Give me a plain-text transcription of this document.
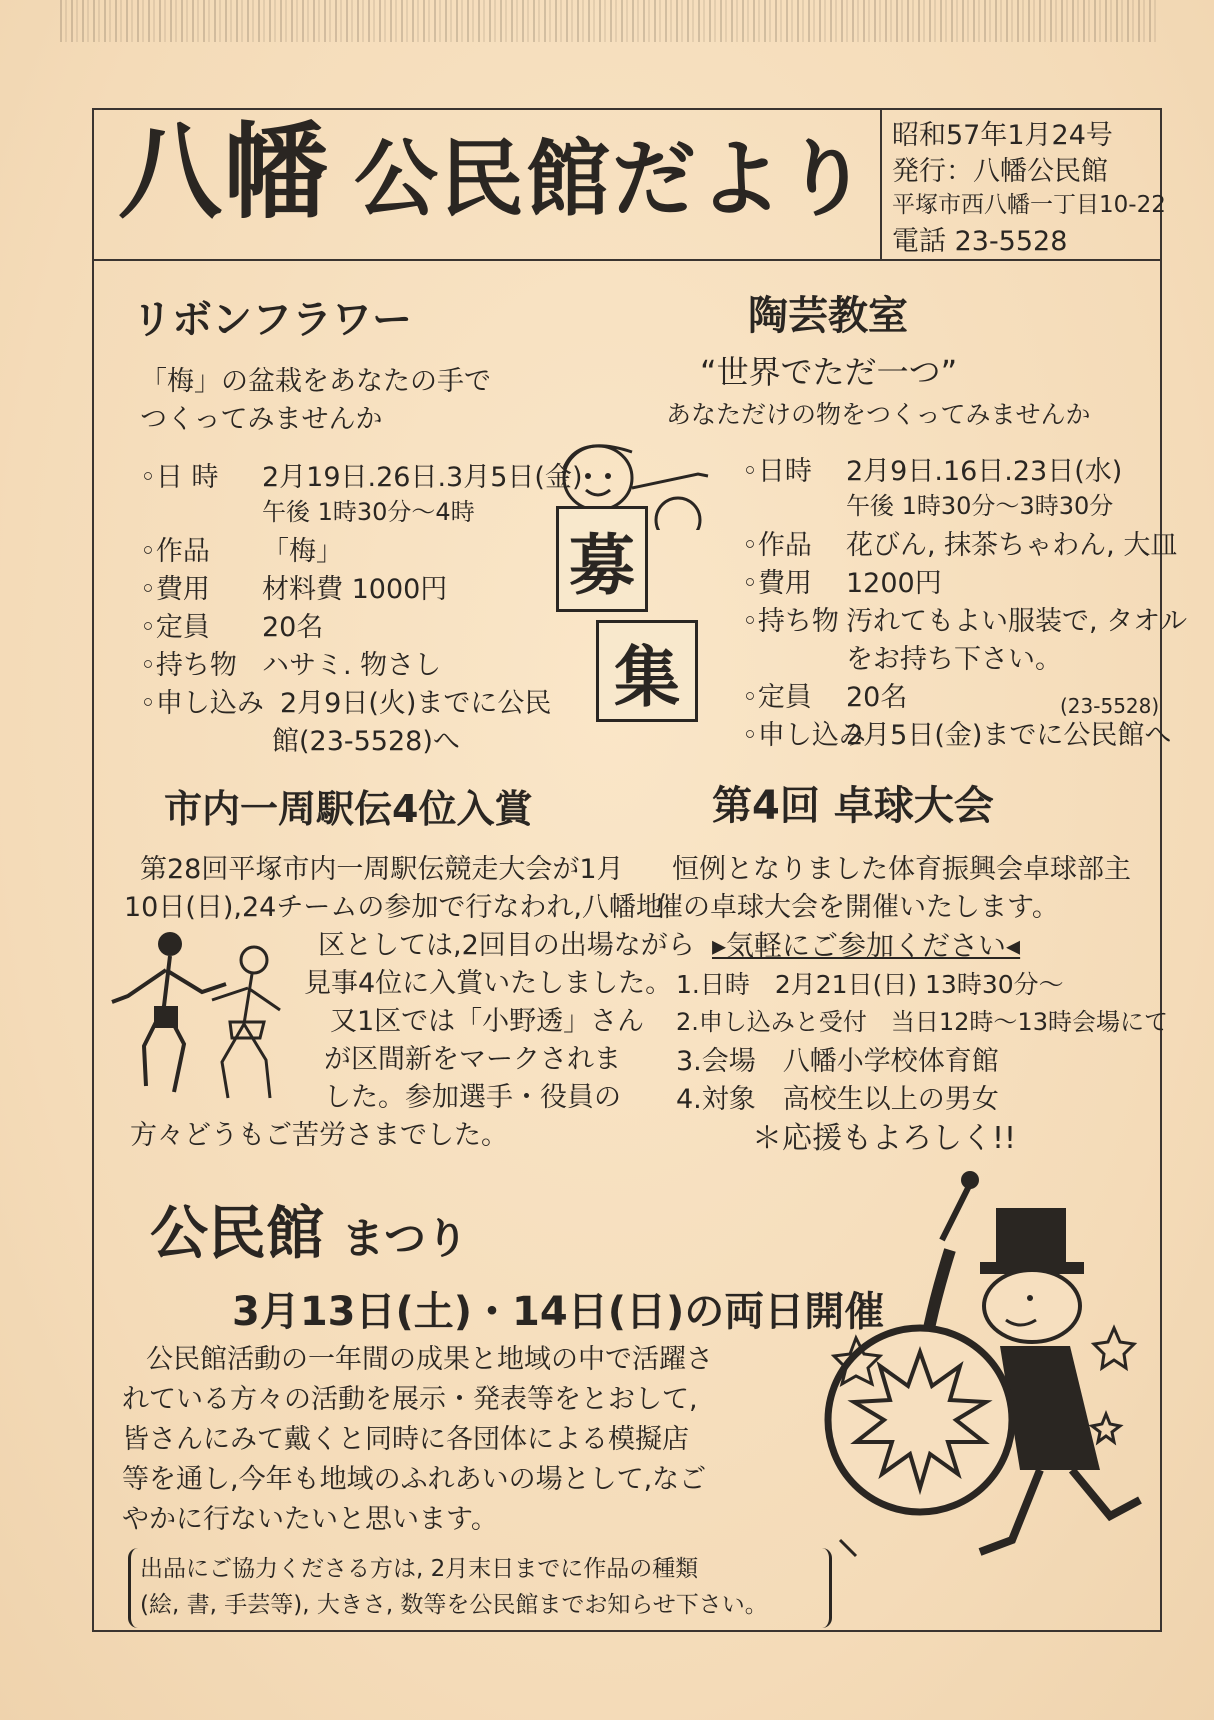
八幡 公民館だより 昭和57年1月24号
発行：八幡公民館
平塚市西八幡一丁目10-22
電話 23-5528
リボンフラワー
「梅」の盆栽をあなたの手で
つくってみませんか
◦日 時 2月19日.26日.3月5日(金)
午後 1時30分～4時
◦作品 「梅」
◦費用 材料費 1000円
◦定員 20名
◦持ち物 ハサミ. 物さし
◦申し込み 2月9日(火)までに公民
館(23-5528)へ
募
集
陶芸教室
“世界でただ一つ”
あなただけの物をつくってみませんか
◦日時 2月9日.16日.23日(水)
午後 1時30分～3時30分
◦作品 花びん, 抹茶ちゃわん, 大皿
◦費用 1200円
◦持ち物 汚れてもよい服装で, タオル
をお持ち下さい。
◦定員 20名	(23-5528)
◦申し込み
2月5日(金)までに公民館へ
市内一周駅伝4位入賞
第28回平塚市内一周駅伝競走大会が1月
10日(日),24チームの参加で行なわれ,八幡地
区としては,2回目の出場ながら
見事4位に入賞いたしました。
又1区では「小野透」さん
が区間新をマークされま
した。参加選手・役員の
方々どうもご苦労さまでした。
第4回 卓球大会
恒例となりました体育振興会卓球部主
催の卓球大会を開催いたします。
▸気軽にご参加ください◂
1.日時　2月21日(日) 13時30分～
2.申し込みと受付　当日12時～13時会場にて
3.会場　八幡小学校体育館
4.対象　高校生以上の男女
＊応援もよろしく!!
公民館 まつり
3月13日(土)・14日(日)の両日開催
公民館活動の一年間の成果と地域の中で活躍さ
れている方々の活動を展示・発表等をとおして,
皆さんにみて戴くと同時に各団体による模擬店
等を通し,今年も地域のふれあいの場として,なご
やかに行ないたいと思います。
出品にご協力くださる方は, 2月末日までに作品の種類
(絵, 書, 手芸等), 大きさ, 数等を公民館までお知らせ下さい。
